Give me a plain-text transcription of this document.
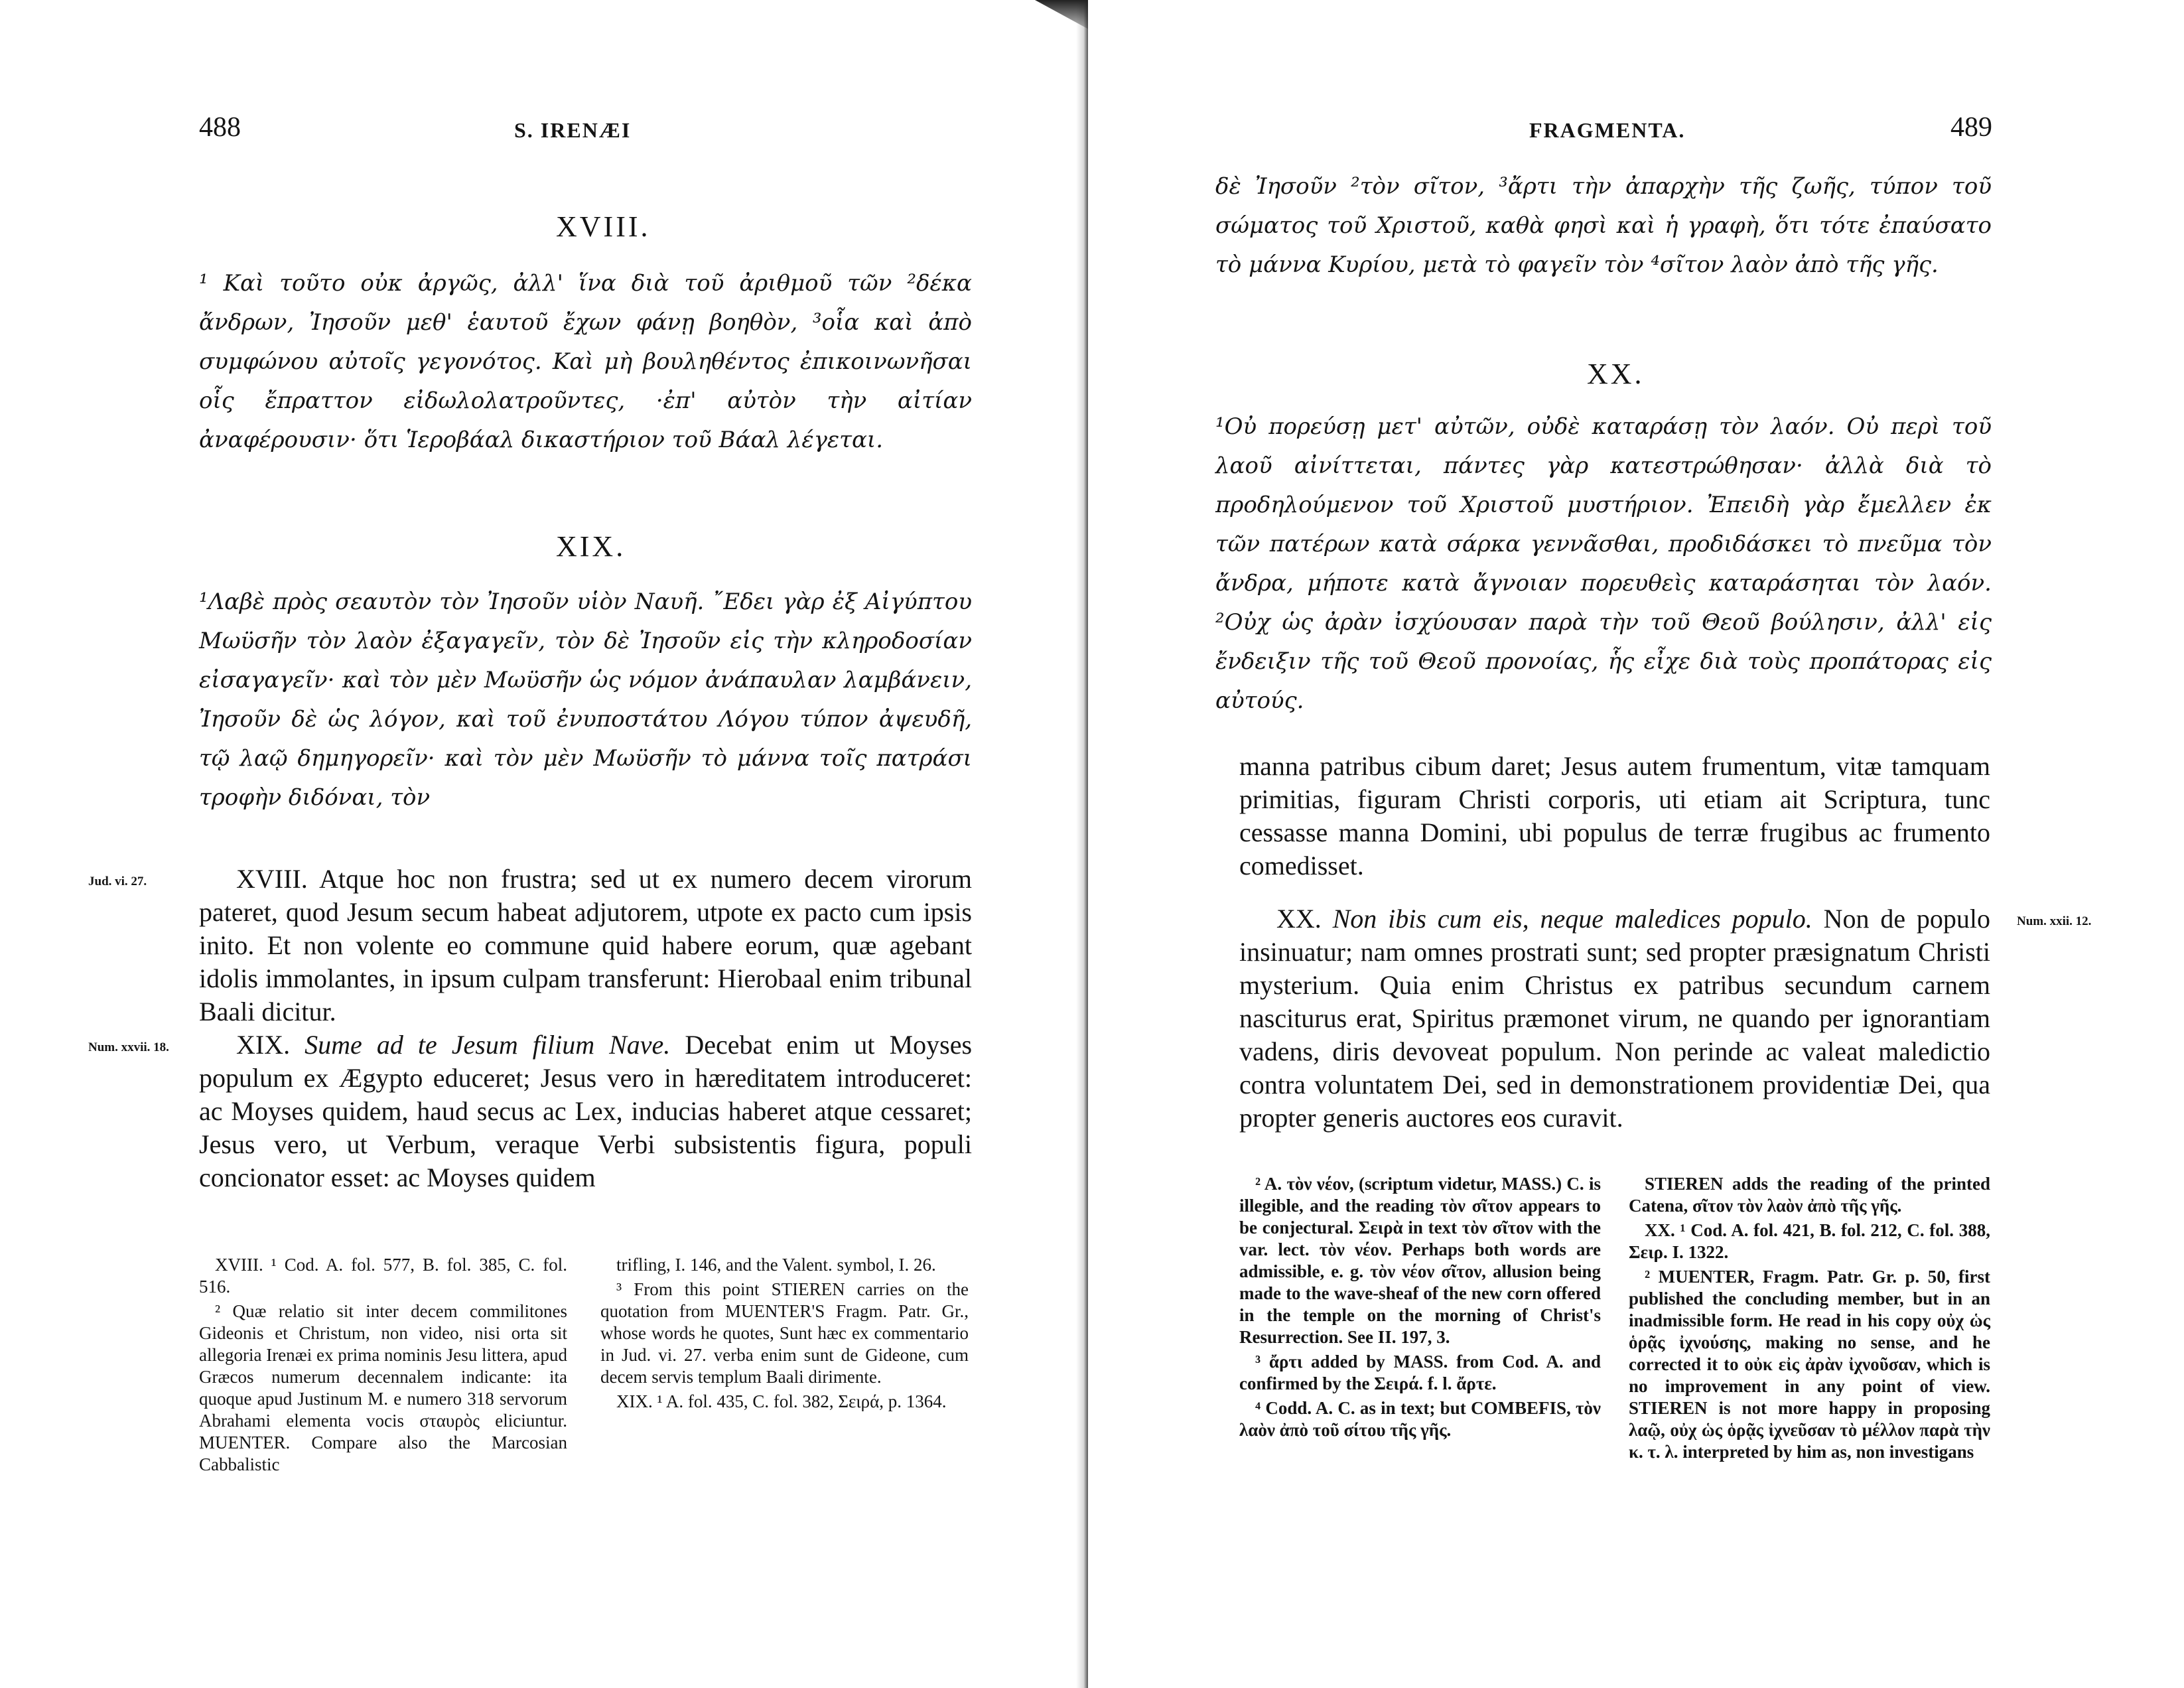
488	S. IRENÆI
XVIII.

¹ Καὶ τοῦτο οὐκ ἀργῶς, ἀλλ' ἵνα διὰ τοῦ ἀριθμοῦ τῶν ²δέκα ἄνδρων, Ἰησοῦν μεθ' ἑαυτοῦ ἔχων φάνῃ βοηθὸν, ³οἷα καὶ ἀπὸ συμφώνου αὐτοῖς γεγονότος. Καὶ μὴ βουληθέντος ἐπικοινωνῆσαι οἷς ἔπραττον εἰδωλολατροῦντες, ·ἐπ' αὐτὸν τὴν αἰτίαν ἀναφέρουσιν· ὅτι Ἱεροβάαλ δικαστήριον τοῦ Βάαλ λέγεται.

XIX.

¹Λαβὲ πρὸς σεαυτὸν τὸν Ἰησοῦν υἱὸν Ναυῆ. ῎Εδει γὰρ ἐξ Αἰγύπτου Μωϋσῆν τὸν λαὸν ἐξαγαγεῖν, τὸν δὲ Ἰησοῦν εἰς τὴν κληροδοσίαν εἰσαγαγεῖν· καὶ τὸν μὲν Μωϋσῆν ὡς νόμον ἀνάπαυλαν λαμβάνειν, Ἰησοῦν δὲ ὡς λόγον, καὶ τοῦ ἐνυποστάτου Λόγου τύπον ἀψευδῆ, τῷ λαῷ δημηγορεῖν· καὶ τὸν μὲν Μωϋσῆν τὸ μάννα τοῖς πατράσι τροφὴν διδόναι, τὸν

Jud. vi. 27.	XVIII. Atque hoc non frustra; sed ut ex numero decem virorum pateret, quod Jesum secum habeat adjutorem, utpote ex pacto cum ipsis inito. Et non volente eo commune quid habere eorum, quæ agebant idolis immolantes, in ipsum culpam transferunt: Hierobaal enim tribunal Baali dicitur.

Num. xxvii. 18.	XIX. Sume ad te Jesum filium Nave. Decebat enim ut Moyses populum ex Ægypto educeret; Jesus vero in hæreditatem introduceret: ac Moyses quidem, haud secus ac Lex, inducias haberet atque cessaret; Jesus vero, ut Verbum, veraque Verbi subsistentis figura, populi concionator esset: ac Moyses quidem

XVIII. ¹ Cod. A. fol. 577, B. fol. 385, C. fol. 516.

² Quæ relatio sit inter decem commilitones Gideonis et Christum, non video, nisi orta sit allegoria Irenæi ex prima nominis Jesu littera, apud Græcos numerum decennalem indicante: ita quoque apud Justinum M. e numero 318 servorum Abrahami elementa vocis σταυρὸς eliciuntur. MUENTER. Compare also the Marcosian Cabbalistic

trifling, I. 146, and the Valent. symbol, I. 26.

³ From this point STIEREN carries on the quotation from MUENTER'S Fragm. Patr. Gr., whose words he quotes, Sunt hæc ex commentario in Jud. vi. 27. verba enim sunt de Gideone, cum decem servis templum Baali dirimente.

XIX. ¹ A. fol. 435, C. fol. 382, Σειρά, p. 1364.

FRAGMENTA.	489

δὲ Ἰησοῦν ²τὸν σῖτον, ³ἄρτι τὴν ἀπαρχὴν τῆς ζωῆς, τύπον τοῦ σώματος τοῦ Χριστοῦ, καθὰ φησὶ καὶ ἡ γραφὴ, ὅτι τότε ἐπαύσατο τὸ μάννα Κυρίου, μετὰ τὸ φαγεῖν τὸν ⁴σῖτον λαὸν ἀπὸ τῆς γῆς.

XX.

¹Οὐ πορεύσῃ μετ' αὐτῶν, οὐδὲ καταράσῃ τὸν λαόν. Οὐ περὶ τοῦ λαοῦ αἰνίττεται, πάντες γὰρ κατεστρώθησαν· ἀλλὰ διὰ τὸ προδηλούμενον τοῦ Χριστοῦ μυστήριον. Ἐπειδὴ γὰρ ἔμελλεν ἐκ τῶν πατέρων κατὰ σάρκα γεννᾶσθαι, προδιδάσκει τὸ πνεῦμα τὸν ἄνδρα, μήποτε κατὰ ἄγνοιαν πορευθεὶς καταράσηται τὸν λαόν. ²Οὐχ ὡς ἀρὰν ἰσχύουσαν παρὰ τὴν τοῦ Θεοῦ βούλησιν, ἀλλ' εἰς ἔνδειξιν τῆς τοῦ Θεοῦ προνοίας, ἧς εἶχε διὰ τοὺς προπάτορας εἰς αὐτούς.

manna patribus cibum daret; Jesus autem frumentum, vitæ tamquam primitias, figuram Christi corporis, uti etiam ait Scriptura, tunc cessasse manna Domini, ubi populus de terræ frugibus ac frumento comedisset.

Num. xxii. 12.

XX. Non ibis cum eis, neque maledices populo. Non de populo insinuatur; nam omnes prostrati sunt; sed propter præsignatum Christi mysterium. Quia enim Christus ex patribus secundum carnem nasciturus erat, Spiritus præmonet virum, ne quando per ignorantiam vadens, diris devoveat populum. Non perinde ac valeat maledictio contra voluntatem Dei, sed in demonstrationem providentiæ Dei, qua propter generis auctores eos curavit.

² A. τὸν νέον, (scriptum videtur, MASS.) C. is illegible, and the reading τὸν σῖτον appears to be conjectural. Σειρὰ in text τὸν σῖτον with the var. lect. τὸν νέον. Perhaps both words are admissible, e. g. τὸν νέον σῖτον, allusion being made to the wave-sheaf of the new corn offered in the temple on the morning of Christ's Resurrection. See II. 197, 3.

³ ἄρτι added by MASS. from Cod. A. and confirmed by the Σειρά. f. l. ἄρτε.

⁴ Codd. A. C. as in text; but COMBEFIS, τὸν λαὸν ἀπὸ τοῦ σίτου τῆς γῆς.

STIEREN adds the reading of the printed Catena, σῖτον τὸν λαὸν ἀπὸ τῆς γῆς.

XX. ¹ Cod. A. fol. 421, B. fol. 212, C. fol. 388, Σειρ. I. 1322.

² MUENTER, Fragm. Patr. Gr. p. 50, first published the concluding member, but in an inadmissible form. He read in his copy οὐχ ὡς ὁρᾷς ἰχνούσης, making no sense, and he corrected it to οὐκ εἰς ἀρὰν ἰχνοῦσαν, which is no improvement in any point of view. STIEREN is not more happy in proposing λαῷ, οὐχ ὡς ὁρᾷς ἰχνεῦσαν τὸ μέλλον παρὰ τὴν κ. τ. λ. interpreted by him as, non investigans
